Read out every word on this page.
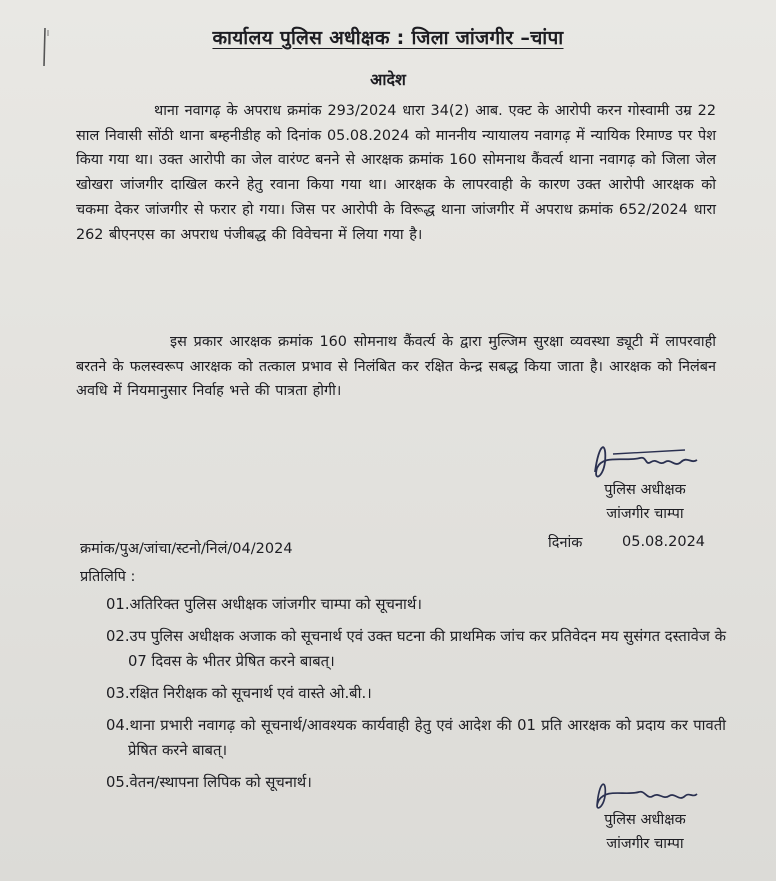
कार्यालय पुलिस अधीक्षक : जिला जांजगीर –चांपा
आदेश

थाना नवागढ़ के अपराध क्रमांक 293/2024 धारा 34(2) आब. एक्ट के आरोपी करन गोस्वामी उम्र 22 साल निवासी सोंठी थाना बम्हनीडीह को दिनांक 05.08.2024 को माननीय न्यायालय नवागढ़ में न्यायिक रिमाण्ड पर पेश किया गया था। उक्त आरोपी का जेल वारंण्ट बनने से आरक्षक क्रमांक 160 सोमनाथ कैंवर्त्य थाना नवागढ़ को जिला जेल खोखरा जांजगीर दाखिल करने हेतु रवाना किया गया था। आरक्षक के लापरवाही के कारण उक्त आरोपी आरक्षक को चकमा देकर जांजगीर से फरार हो गया। जिस पर आरोपी के विरूद्ध थाना जांजगीर में अपराध क्रमांक 652/2024 धारा 262 बीएनएस का अपराध पंजीबद्ध की विवेचना में लिया गया है।

इस प्रकार आरक्षक क्रमांक 160 सोमनाथ कैंवर्त्य के द्वारा मुल्जिम सुरक्षा व्यवस्था ड्यूटी में लापरवाही बरतने के फलस्वरूप आरक्षक को तत्काल प्रभाव से निलंबित कर रक्षित केन्द्र सबद्ध किया जाता है। आरक्षक को निलंबन अवधि में नियमानुसार निर्वाह भत्ते की पात्रता होगी।

पुलिस अधीक्षक
जांजगीर चाम्पा
क्रमांक/पुअ/जांचा/स्टनो/निलं/04/2024	दिनांक	05.08.2024
प्रतिलिपि :
01.अतिरिक्त पुलिस अधीक्षक जांजगीर चाम्पा को सूचनार्थ।
02.उप पुलिस अधीक्षक अजाक को सूचनार्थ एवं उक्त घटना की प्राथमिक जांच कर प्रतिवेदन मय सुसंगत दस्तावेज के 07 दिवस के भीतर प्रेषित करने बाबत्।
03.रक्षित निरीक्षक को सूचनार्थ एवं वास्ते ओ.बी.।
04.थाना प्रभारी नवागढ़ को सूचनार्थ/आवश्यक कार्यवाही हेतु एवं आदेश की 01 प्रति आरक्षक को प्रदाय कर पावती प्रेषित करने बाबत्।
05.वेतन/स्थापना लिपिक को सूचनार्थ।
पुलिस अधीक्षक
जांजगीर चाम्पा
